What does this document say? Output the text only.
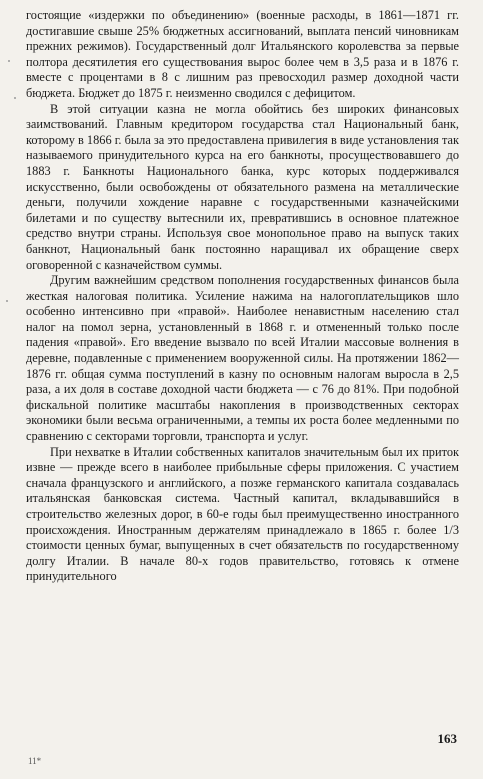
гостоящие «издержки по объединению» (военные расходы, в 1861—1871 гг. достигавшие свыше 25% бюджетных ассигнований, выплата пенсий чиновникам прежних режимов). Государственный долг Итальянского королевства за первые полтора десятилетия его существования вырос более чем в 3,5 раза и в 1876 г. вместе с процентами в 8 с лишним раз превосходил размер доходной части бюджета. Бюджет до 1875 г. неизменно сводился с дефицитом.

В этой ситуации казна не могла обойтись без широких финансовых заимствований. Главным кредитором государства стал Национальный банк, которому в 1866 г. была за это предоставлена привилегия в виде установления так называемого принудительного курса на его банкноты, просуществовавшего до 1883 г. Банкноты Национального банка, курс которых поддерживался искусственно, были освобождены от обязательного размена на металлические деньги, получили хождение наравне с государственными казначейскими билетами и по существу вытеснили их, превратившись в основное платежное средство внутри страны. Используя свое монопольное право на выпуск таких банкнот, Национальный банк постоянно наращивал их обращение сверх оговоренной с казначейством суммы.

Другим важнейшим средством пополнения государственных финансов была жесткая налоговая политика. Усиление нажима на налогоплательщиков шло особенно интенсивно при «правой». Наиболее ненавистным населению стал налог на помол зерна, установленный в 1868 г. и отмененный только после падения «правой». Его введение вызвало по всей Италии массовые волнения в деревне, подавленные с применением вооруженной силы. На протяжении 1862—1876 гг. общая сумма поступлений в казну по основным налогам выросла в 2,5 раза, а их доля в составе доходной части бюджета — с 76 до 81%. При подобной фискальной политике масштабы накопления в производственных секторах экономики были весьма ограниченными, а темпы их роста более медленными по сравнению с секторами торговли, транспорта и услуг.

При нехватке в Италии собственных капиталов значительным был их приток извне — прежде всего в наиболее прибыльные сферы приложения. С участием сначала французского и английского, а позже германского капитала создавалась итальянская банковская система. Частный капитал, вкладывавшийся в строительство железных дорог, в 60-е годы был преимущественно иностранного происхождения. Иностранным держателям принадлежало в 1865 г. более 1/3 стоимости ценных бумаг, выпущенных в счет обязательств по государственному долгу Италии. В начале 80-х годов правительство, готовясь к отмене принудительного

163
11*
